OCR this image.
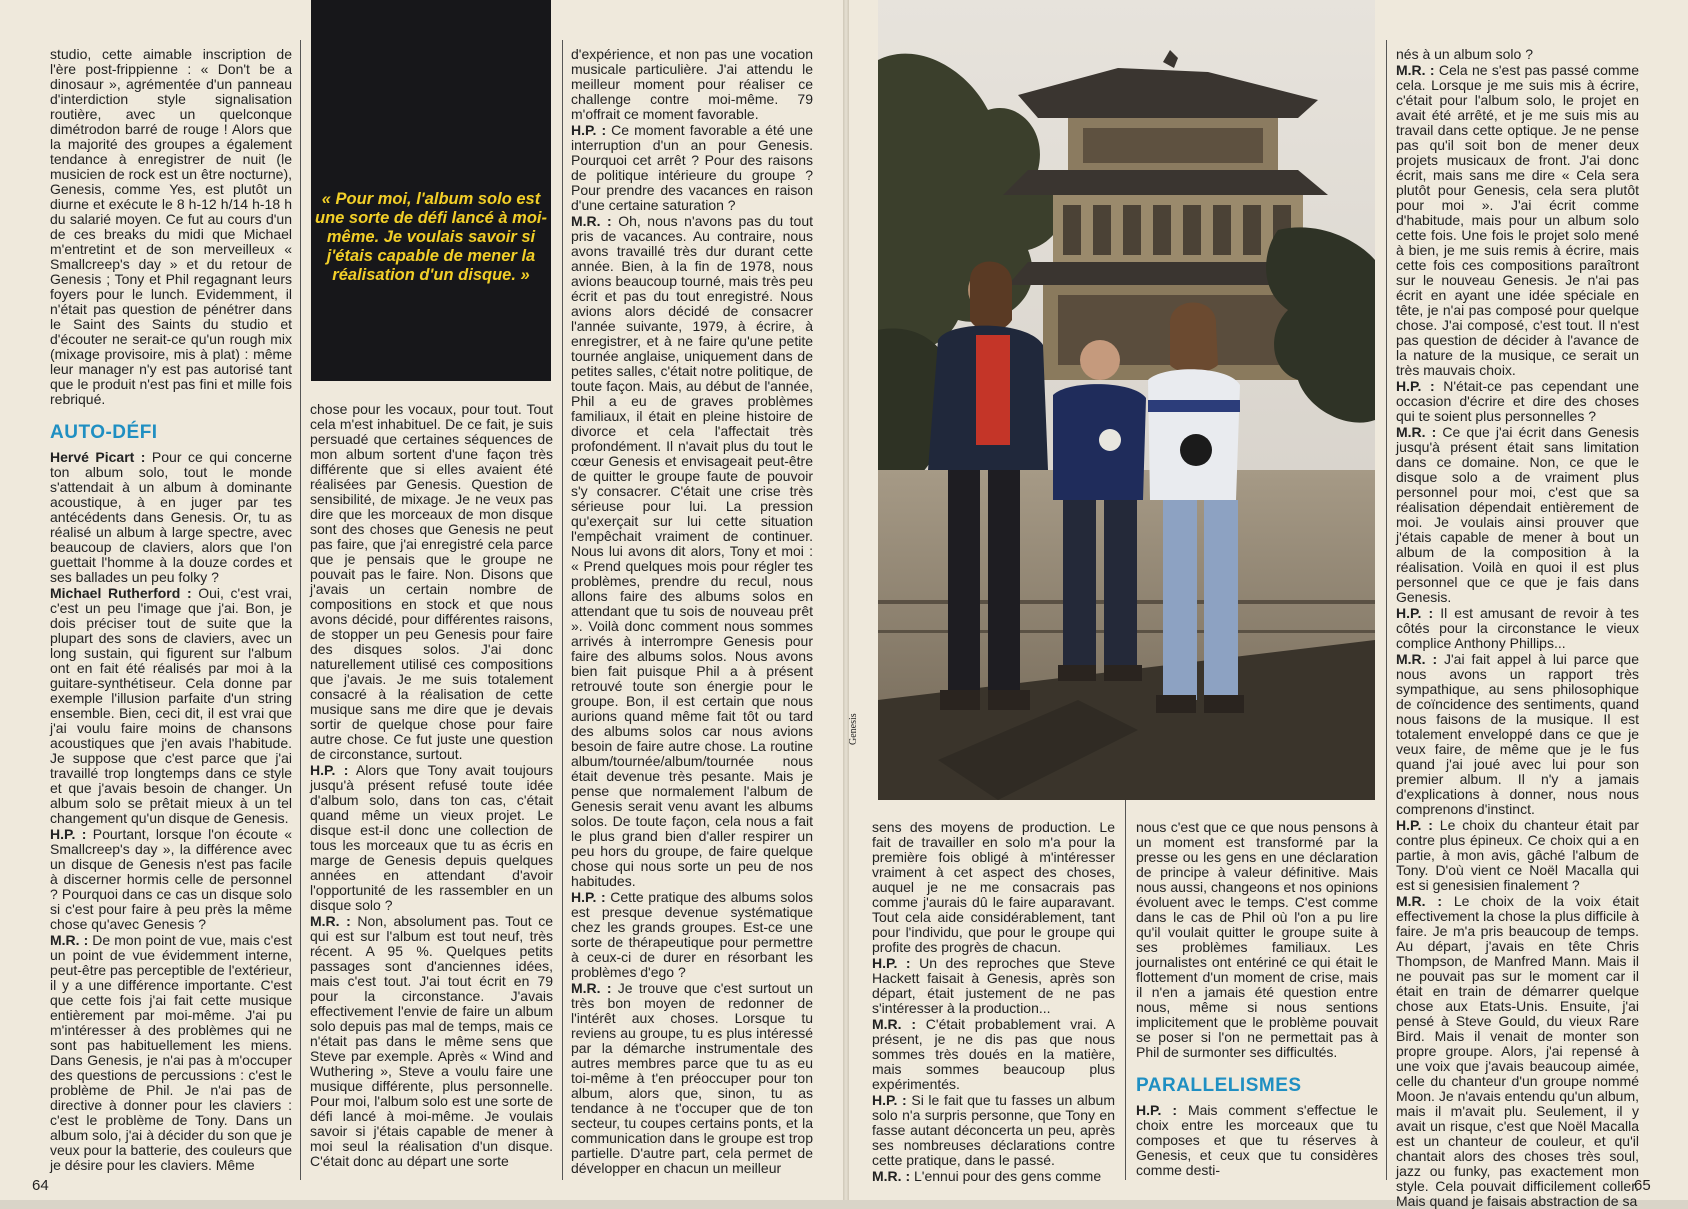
studio, cette aimable inscription de l'ère post-frippienne : « Don't be a dinosaur », agrémentée d'un panneau d'interdiction style signalisation routière, avec un quelconque dimétrodon barré de rouge ! Alors que la majorité des groupes a également tendance à enregistrer de nuit (le musicien de rock est un être nocturne), Genesis, comme Yes, est plutôt un diurne et exécute le 8 h-12 h/14 h-18 h du salarié moyen. Ce fut au cours d'un de ces breaks du midi que Michael m'entretint et de son merveilleux « Smallcreep's day » et du retour de Genesis ; Tony et Phil regagnant leurs foyers pour le lunch. Evidemment, il n'était pas question de pénétrer dans le Saint des Saints du studio et d'écouter ne serait-ce qu'un rough mix (mixage provisoire, mis à plat) : même leur manager n'y est pas autorisé tant que le produit n'est pas fini et mille fois rebriqué.

AUTO-DÉFI

Hervé Picart : Pour ce qui concerne ton album solo, tout le monde s'attendait à un album à dominante acoustique, à en juger par tes antécédents dans Genesis. Or, tu as réalisé un album à large spectre, avec beaucoup de claviers, alors que l'on guettait l'homme à la douze cordes et ses ballades un peu folky ?

Michael Rutherford : Oui, c'est vrai, c'est un peu l'image que j'ai. Bon, je dois préciser tout de suite que la plupart des sons de claviers, avec un long sustain, qui figurent sur l'album ont en fait été réalisés par moi à la guitare-synthétiseur. Cela donne par exemple l'illusion parfaite d'un string ensemble. Bien, ceci dit, il est vrai que j'ai voulu faire moins de chansons acoustiques que j'en avais l'habitude. Je suppose que c'est parce que j'ai travaillé trop longtemps dans ce style et que j'avais besoin de changer. Un album solo se prêtait mieux à un tel changement qu'un disque de Genesis.

H.P. : Pourtant, lorsque l'on écoute « Smallcreep's day », la différence avec un disque de Genesis n'est pas facile à discerner hormis celle de personnel ? Pourquoi dans ce cas un disque solo si c'est pour faire à peu près la même chose qu'avec Genesis ?

M.R. : De mon point de vue, mais c'est un point de vue évidemment interne, peut-être pas perceptible de l'extérieur, il y a une différence importante. C'est que cette fois j'ai fait cette musique entièrement par moi-même. J'ai pu m'intéresser à des problèmes qui ne sont pas habituellement les miens. Dans Genesis, je n'ai pas à m'occuper des questions de percussions : c'est le problème de Phil. Je n'ai pas de directive à donner pour les claviers : c'est le problème de Tony. Dans un album solo, j'ai à décider du son que je veux pour la batterie, des couleurs que je désire pour les claviers. Même

« Pour moi, l'album solo est une sorte de défi lancé à moi-même. Je voulais savoir si j'étais capable de mener la réalisation d'un disque. »

chose pour les vocaux, pour tout. Tout cela m'est inhabituel. De ce fait, je suis persuadé que certaines séquences de mon album sortent d'une façon très différente que si elles avaient été réalisées par Genesis. Question de sensibilité, de mixage. Je ne veux pas dire que les morceaux de mon disque sont des choses que Genesis ne peut pas faire, que j'ai enregistré cela parce que je pensais que le groupe ne pouvait pas le faire. Non. Disons que j'avais un certain nombre de compositions en stock et que nous avons décidé, pour différentes raisons, de stopper un peu Genesis pour faire des disques solos. J'ai donc naturellement utilisé ces compositions que j'avais. Je me suis totalement consacré à la réalisation de cette musique sans me dire que je devais sortir de quelque chose pour faire autre chose. Ce fut juste une question de circonstance, surtout.

H.P. : Alors que Tony avait toujours jusqu'à présent refusé toute idée d'album solo, dans ton cas, c'était quand même un vieux projet. Le disque est-il donc une collection de tous les morceaux que tu as écris en marge de Genesis depuis quelques années en attendant d'avoir l'opportunité de les rassembler en un disque solo ?

M.R. : Non, absolument pas. Tout ce qui est sur l'album est tout neuf, très récent. A 95 %. Quelques petits passages sont d'anciennes idées, mais c'est tout. J'ai tout écrit en 79 pour la circonstance. J'avais effectivement l'envie de faire un album solo depuis pas mal de temps, mais ce n'était pas dans le même sens que Steve par exemple. Après « Wind and Wuthering », Steve a voulu faire une musique différente, plus personnelle. Pour moi, l'album solo est une sorte de défi lancé à moi-même. Je voulais savoir si j'étais capable de mener à moi seul la réalisation d'un disque. C'était donc au départ une sorte

d'expérience, et non pas une vocation musicale particulière. J'ai attendu le meilleur moment pour réaliser ce challenge contre moi-même. 79 m'offrait ce moment favorable.

H.P. : Ce moment favorable a été une interruption d'un an pour Genesis. Pourquoi cet arrêt ? Pour des raisons de politique intérieure du groupe ? Pour prendre des vacances en raison d'une certaine saturation ?

M.R. : Oh, nous n'avons pas du tout pris de vacances. Au contraire, nous avons travaillé très dur durant cette année. Bien, à la fin de 1978, nous avions beaucoup tourné, mais très peu écrit et pas du tout enregistré. Nous avions alors décidé de consacrer l'année suivante, 1979, à écrire, à enregistrer, et à ne faire qu'une petite tournée anglaise, uniquement dans de petites salles, c'était notre politique, de toute façon. Mais, au début de l'année, Phil a eu de graves problèmes familiaux, il était en pleine histoire de divorce et cela l'affectait très profondément. Il n'avait plus du tout le cœur Genesis et envisageait peut-être de quitter le groupe faute de pouvoir s'y consacrer. C'était une crise très sérieuse pour lui. La pression qu'exerçait sur lui cette situation l'empêchait vraiment de continuer. Nous lui avons dit alors, Tony et moi : « Prend quelques mois pour régler tes problèmes, prendre du recul, nous allons faire des albums solos en attendant que tu sois de nouveau prêt ». Voilà donc comment nous sommes arrivés à interrompre Genesis pour faire des albums solos. Nous avons bien fait puisque Phil a à présent retrouvé toute son énergie pour le groupe. Bon, il est certain que nous aurions quand même fait tôt ou tard des albums solos car nous avions besoin de faire autre chose. La routine album/tournée/album/tournée nous était devenue très pesante. Mais je pense que normalement l'album de Genesis serait venu avant les albums solos. De toute façon, cela nous a fait le plus grand bien d'aller respirer un peu hors du groupe, de faire quelque chose qui nous sorte un peu de nos habitudes.

H.P. : Cette pratique des albums solos est presque devenue systématique chez les grands groupes. Est-ce une sorte de thérapeutique pour permettre à ceux-ci de durer en résorbant les problèmes d'ego ?

M.R. : Je trouve que c'est surtout un très bon moyen de redonner de l'intérêt aux choses. Lorsque tu reviens au groupe, tu es plus intéressé par la démarche instrumentale des autres membres parce que tu as eu toi-même à t'en préoccuper pour ton album, alors que, sinon, tu as tendance à ne t'occuper que de ton secteur, tu coupes certains ponts, et la communication dans le groupe est trop partielle. D'autre part, cela permet de développer en chacun un meilleur

Genesis

sens des moyens de production. Le fait de travailler en solo m'a pour la première fois obligé à m'intéresser vraiment à cet aspect des choses, auquel je ne me consacrais pas comme j'aurais dû le faire auparavant. Tout cela aide considérablement, tant pour l'individu, que pour le groupe qui profite des progrès de chacun.

H.P. : Un des reproches que Steve Hackett faisait à Genesis, après son départ, était justement de ne pas s'intéresser à la production...

M.R. : C'était probablement vrai. A présent, je ne dis pas que nous sommes très doués en la matière, mais sommes beaucoup plus expérimentés.

H.P. : Si le fait que tu fasses un album solo n'a surpris personne, que Tony en fasse autant déconcerta un peu, après ses nombreuses déclarations contre cette pratique, dans le passé.

M.R. : L'ennui pour des gens comme

nous c'est que ce que nous pensons à un moment est transformé par la presse ou les gens en une déclaration de principe à valeur définitive. Mais nous aussi, changeons et nos opinions évoluent avec le temps. C'est comme dans le cas de Phil où l'on a pu lire qu'il voulait quitter le groupe suite à ses problèmes familiaux. Les journalistes ont entériné ce qui était le flottement d'un moment de crise, mais il n'en a jamais été question entre nous, même si nous sentions implicitement que le problème pouvait se poser si l'on ne permettait pas à Phil de surmonter ses difficultés.

PARALLELISMES

H.P. : Mais comment s'effectue le choix entre les morceaux que tu composes et que tu réserves à Genesis, et ceux que tu considères comme desti-

nés à un album solo ?

M.R. : Cela ne s'est pas passé comme cela. Lorsque je me suis mis à écrire, c'était pour l'album solo, le projet en avait été arrêté, et je me suis mis au travail dans cette optique. Je ne pense pas qu'il soit bon de mener deux projets musicaux de front. J'ai donc écrit, mais sans me dire « Cela sera plutôt pour Genesis, cela sera plutôt pour moi ». J'ai écrit comme d'habitude, mais pour un album solo cette fois. Une fois le projet solo mené à bien, je me suis remis à écrire, mais cette fois ces compositions paraîtront sur le nouveau Genesis. Je n'ai pas écrit en ayant une idée spéciale en tête, je n'ai pas composé pour quelque chose. J'ai composé, c'est tout. Il n'est pas question de décider à l'avance de la nature de la musique, ce serait un très mauvais choix.

H.P. : N'était-ce pas cependant une occasion d'écrire et dire des choses qui te soient plus personnelles ?

M.R. : Ce que j'ai écrit dans Genesis jusqu'à présent était sans limitation dans ce domaine. Non, ce que le disque solo a de vraiment plus personnel pour moi, c'est que sa réalisation dépendait entièrement de moi. Je voulais ainsi prouver que j'étais capable de mener à bout un album de la composition à la réalisation. Voilà en quoi il est plus personnel que ce que je fais dans Genesis.

H.P. : Il est amusant de revoir à tes côtés pour la circonstance le vieux complice Anthony Phillips...

M.R. : J'ai fait appel à lui parce que nous avons un rapport très sympathique, au sens philosophique de coïncidence des sentiments, quand nous faisons de la musique. Il est totalement enveloppé dans ce que je veux faire, de même que je le fus quand j'ai joué avec lui pour son premier album. Il n'y a jamais d'explications à donner, nous nous comprenons d'instinct.

H.P. : Le choix du chanteur était par contre plus épineux. Ce choix qui a en partie, à mon avis, gâché l'album de Tony. D'où vient ce Noël Macalla qui est si genesisien finalement ?

M.R. : Le choix de la voix était effectivement la chose la plus difficile à faire. Je m'a pris beaucoup de temps. Au départ, j'avais en tête Chris Thompson, de Manfred Mann. Mais il ne pouvait pas sur le moment car il était en train de démarrer quelque chose aux Etats-Unis. Ensuite, j'ai pensé à Steve Gould, du vieux Rare Bird. Mais il venait de monter son propre groupe. Alors, j'ai repensé à une voix que j'avais beaucoup aimée, celle du chanteur d'un groupe nommé Moon. Je n'avais entendu qu'un album, mais il m'avait plu. Seulement, il y avait un risque, c'est que Noël Macalla est un chanteur de couleur, et qu'il chantait alors des choses très soul, jazz ou funky, pas exactement mon style. Cela pouvait difficilement coller. Mais quand je faisais abstraction de sa

64	65
